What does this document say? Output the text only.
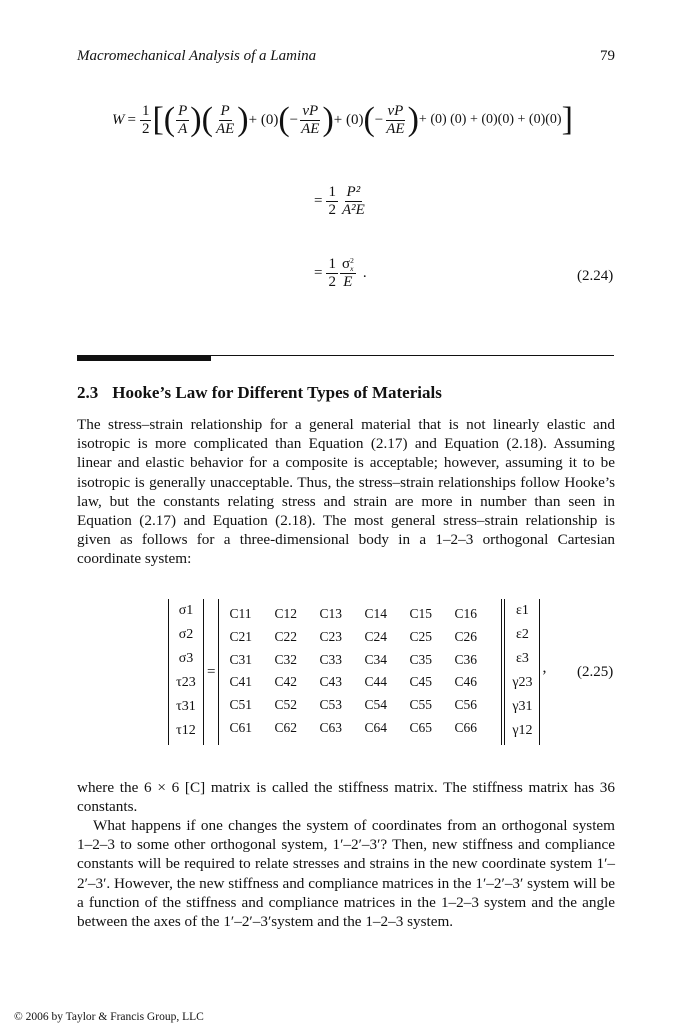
Macromechanical Analysis of a Lamina	79
$W = \frac{1}{2}$ [ ( $\frac{P}{A}$ ) ( $\frac{P}{AE}$ ) + (0) ( − $\frac{\nu P}{AE}$ ) + (0) ( − $\frac{\nu P}{AE}$ ) + (0) (0) + (0)(0) + (0)(0) ]
= $\frac{1}{2} \frac{\text{P²}}{\text{A²E}}$
= $\frac{1}{2}$ σ 2
x
E .	(2.24)
2.3 Hooke’s Law for Different Types of Materials

The stress–strain relationship for a general material that is not linearly elastic and isotropic is more complicated than Equation (2.17) and Equation (2.18). Assuming linear and elastic behavior for a composite is acceptable; however, assuming it to be isotropic is generally unacceptable. Thus, the stress–strain relationships follow Hooke’s law, but the constants relating stress and strain are more in number than seen in Equation (2.17) and Equation (2.18). The most general stress–strain relationship is given as follows for a three-dimensional body in a 1–2–3 orthogonal Cartesian coordinate system:

σ1
σ2
σ3
τ23
τ31
τ12
=
C11	C12	C13	C14	C15	C16
C21	C22	C23	C24	C25	C26
C31	C32	C33	C34	C35	C36
C41	C42	C43	C44	C45	C46
C51	C52	C53	C54	C55	C56
C61	C62	C63	C64	C65	C66
ε1
ε2
ε3
γ23
γ31
γ12
, (2.25)

where the 6 × 6 [C] matrix is called the stiffness matrix. The stiffness matrix has 36 constants.

What happens if one changes the system of coordinates from an orthogonal system 1–2–3 to some other orthogonal system, 1′–2′–3′? Then, new stiffness and compliance constants will be required to relate stresses and strains in the new coordinate system 1′–2′–3′. However, the new stiffness and compliance matrices in the 1′–2′–3′ system will be a function of the stiffness and compliance matrices in the 1–2–3 system and the angle between the axes of the 1′–2′–3′system and the 1–2–3 system.

© 2006 by Taylor & Francis Group, LLC
